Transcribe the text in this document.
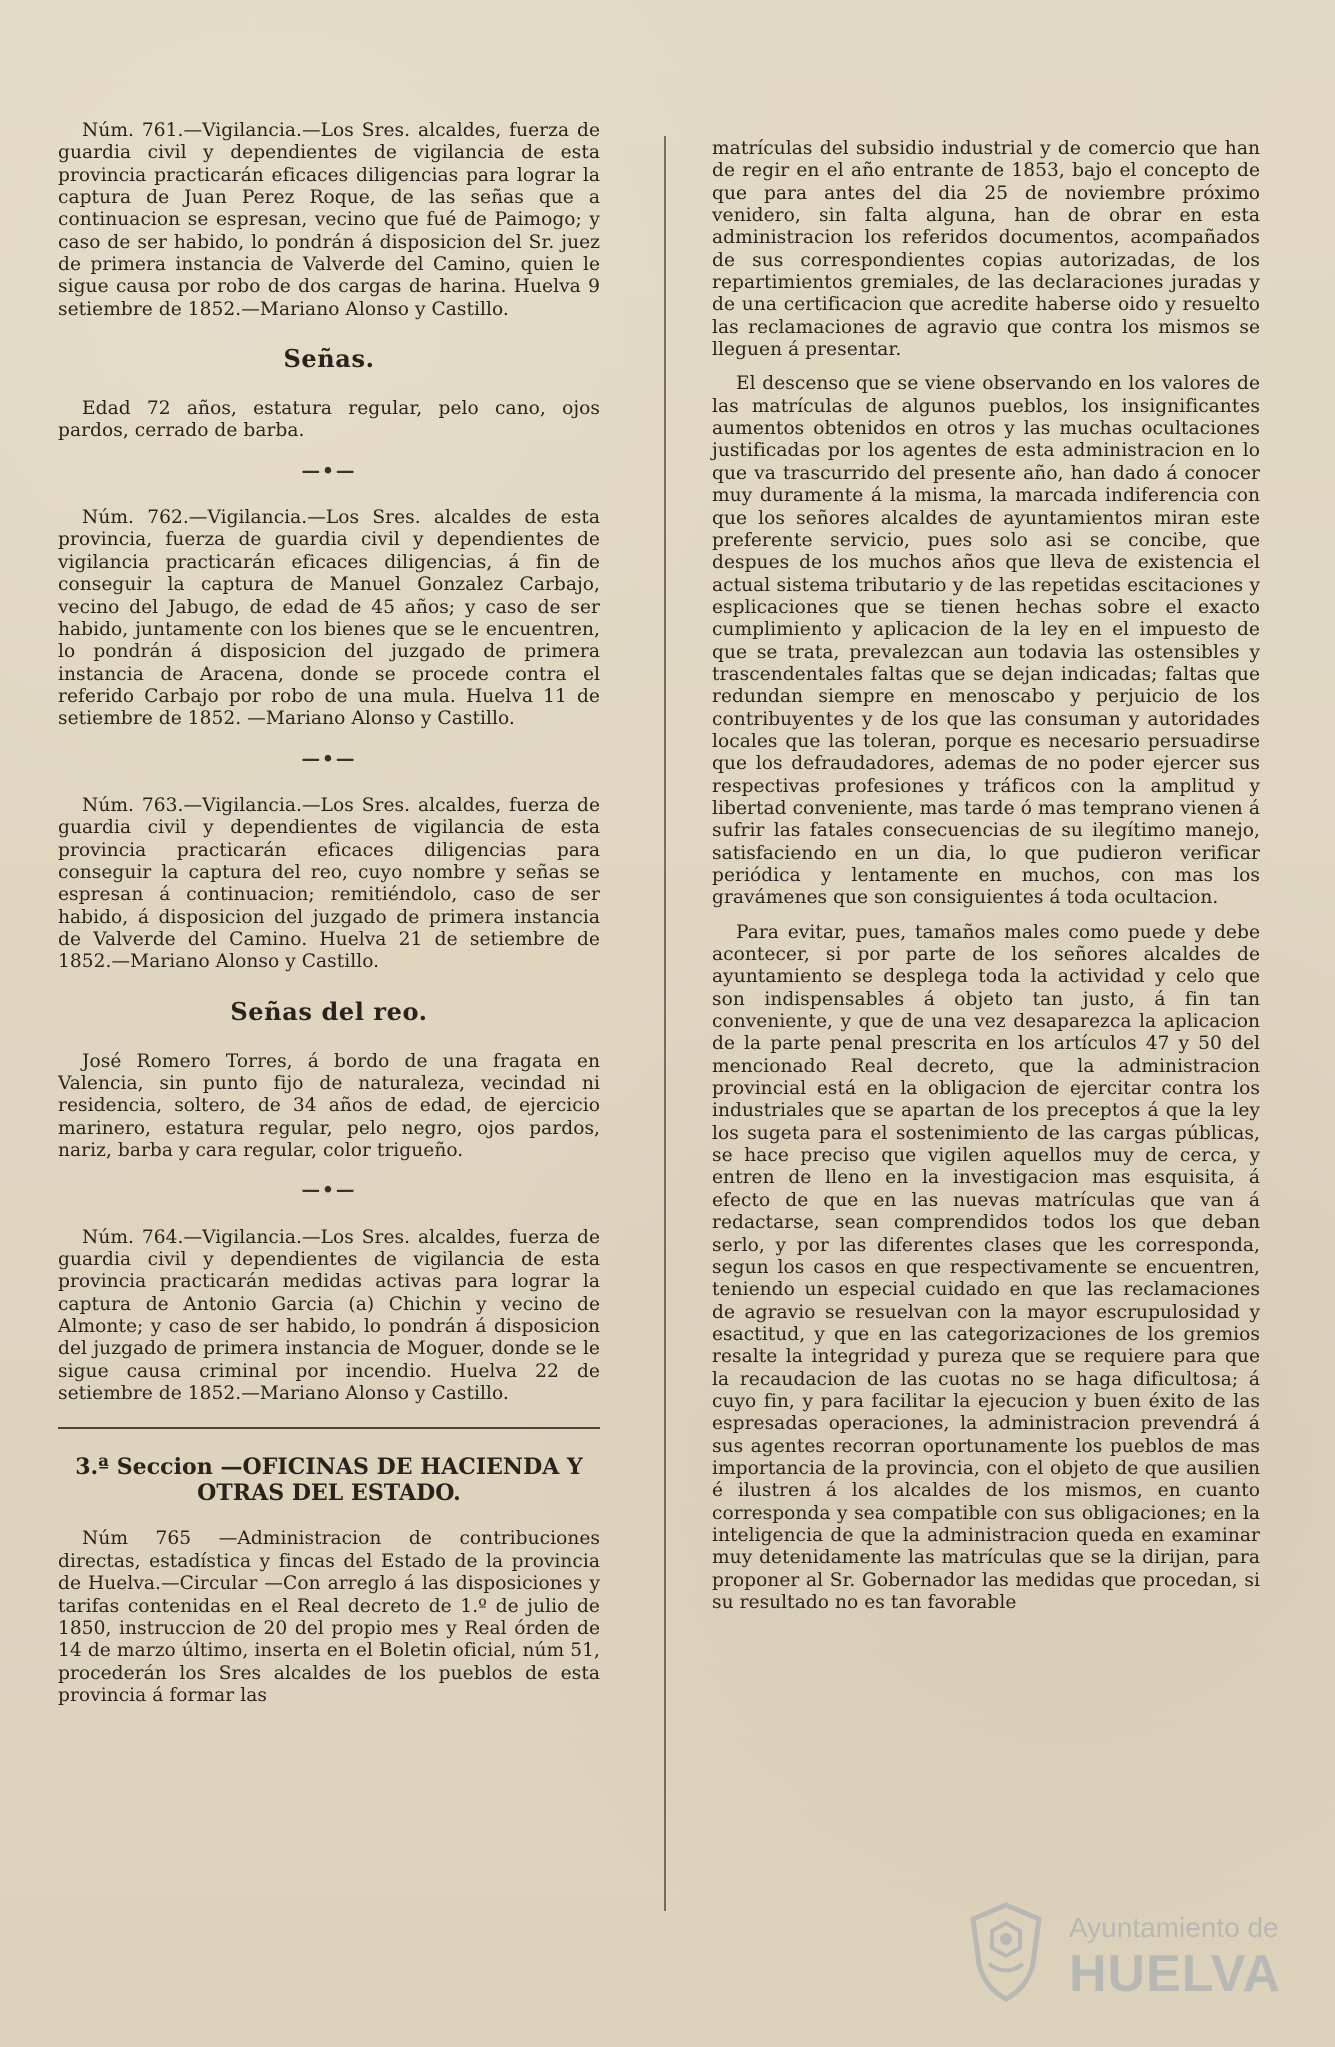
Núm. 761.—Vigilancia.—Los Sres. alcaldes, fuerza de guardia civil y dependientes de vigilancia de esta provincia practicarán eficaces diligencias para lograr la captura de Juan Perez Roque, de las señas que a continuacion se espresan, vecino que fué de Paimogo; y caso de ser habido, lo pondrán á disposicion del Sr. juez de primera instancia de Valverde del Camino, quien le sigue causa por robo de dos cargas de harina. Huelva 9 setiembre de 1852.—Mariano Alonso y Castillo.

Señas.

Edad 72 años, estatura regular, pelo cano, ojos pardos, cerrado de barba.

—•—

Núm. 762.—Vigilancia.—Los Sres. alcaldes de esta provincia, fuerza de guardia civil y dependientes de vigilancia practicarán eficaces diligencias, á fin de conseguir la captura de Manuel Gonzalez Carbajo, vecino del Jabugo, de edad de 45 años; y caso de ser habido, juntamente con los bienes que se le encuentren, lo pondrán á disposicion del juzgado de primera instancia de Aracena, donde se procede contra el referido Carbajo por robo de una mula. Huelva 11 de setiembre de 1852. —Mariano Alonso y Castillo.

—•—

Núm. 763.—Vigilancia.—Los Sres. alcaldes, fuerza de guardia civil y dependientes de vigilancia de esta provincia practicarán eficaces diligencias para conseguir la captura del reo, cuyo nombre y señas se espresan á continuacion; remitiéndolo, caso de ser habido, á disposicion del juzgado de primera instancia de Valverde del Camino. Huelva 21 de setiembre de 1852.—Mariano Alonso y Castillo.

Señas del reo.

José Romero Torres, á bordo de una fragata en Valencia, sin punto fijo de naturaleza, vecindad ni residencia, soltero, de 34 años de edad, de ejercicio marinero, estatura regular, pelo negro, ojos pardos, nariz, barba y cara regular, color trigueño.

—•—

Núm. 764.—Vigilancia.—Los Sres. alcaldes, fuerza de guardia civil y dependientes de vigilancia de esta provincia practicarán medidas activas para lograr la captura de Antonio Garcia (a) Chichin y vecino de Almonte; y caso de ser habido, lo pondrán á disposicion del juzgado de primera instancia de Moguer, donde se le sigue causa criminal por incendio. Huelva 22 de setiembre de 1852.—Mariano Alonso y Castillo.

3.ª Seccion —OFICINAS DE HACIENDA Y OTRAS DEL ESTADO.

Núm 765 —Administracion de contribuciones directas, estadística y fincas del Estado de la provincia de Huelva.—Circular —Con arreglo á las disposiciones y tarifas contenidas en el Real decreto de 1.º de julio de 1850, instruccion de 20 del propio mes y Real órden de 14 de marzo último, inserta en el Boletin oficial, núm 51, procederán los Sres alcaldes de los pueblos de esta provincia á formar las

matrículas del subsidio industrial y de comercio que han de regir en el año entrante de 1853, bajo el concepto de que para antes del dia 25 de noviembre próximo venidero, sin falta alguna, han de obrar en esta administracion los referidos documentos, acompañados de sus correspondientes copias autorizadas, de los repartimientos gremiales, de las declaraciones juradas y de una certificacion que acredite haberse oido y resuelto las reclamaciones de agravio que contra los mismos se lleguen á presentar.

El descenso que se viene observando en los valores de las matrículas de algunos pueblos, los insignificantes aumentos obtenidos en otros y las muchas ocultaciones justificadas por los agentes de esta administracion en lo que va trascurrido del presente año, han dado á conocer muy duramente á la misma, la marcada indiferencia con que los señores alcaldes de ayuntamientos miran este preferente servicio, pues solo asi se concibe, que despues de los muchos años que lleva de existencia el actual sistema tributario y de las repetidas escitaciones y esplicaciones que se tienen hechas sobre el exacto cumplimiento y aplicacion de la ley en el impuesto de que se trata, prevalezcan aun todavia las ostensibles y trascendentales faltas que se dejan indicadas; faltas que redundan siempre en menoscabo y perjuicio de los contribuyentes y de los que las consuman y autoridades locales que las toleran, porque es necesario persuadirse que los defraudadores, ademas de no poder ejercer sus respectivas profesiones y tráficos con la amplitud y libertad conveniente, mas tarde ó mas temprano vienen á sufrir las fatales consecuencias de su ilegítimo manejo, satisfaciendo en un dia, lo que pudieron verificar periódica y lentamente en muchos, con mas los gravámenes que son consiguientes á toda ocultacion.

Para evitar, pues, tamaños males como puede y debe acontecer, si por parte de los señores alcaldes de ayuntamiento se desplega toda la actividad y celo que son indispensables á objeto tan justo, á fin tan conveniente, y que de una vez desaparezca la aplicacion de la parte penal prescrita en los artículos 47 y 50 del mencionado Real decreto, que la administracion provincial está en la obligacion de ejercitar contra los industriales que se apartan de los preceptos á que la ley los sugeta para el sostenimiento de las cargas públicas, se hace preciso que vigilen aquellos muy de cerca, y entren de lleno en la investigacion mas esquisita, á efecto de que en las nuevas matrículas que van á redactarse, sean comprendidos todos los que deban serlo, y por las diferentes clases que les corresponda, segun los casos en que respectivamente se encuentren, teniendo un especial cuidado en que las reclamaciones de agravio se resuelvan con la mayor escrupulosidad y esactitud, y que en las categorizaciones de los gremios resalte la integridad y pureza que se requiere para que la recaudacion de las cuotas no se haga dificultosa; á cuyo fin, y para facilitar la ejecucion y buen éxito de las espresadas operaciones, la administracion prevendrá á sus agentes recorran oportunamente los pueblos de mas importancia de la provincia, con el objeto de que ausilien é ilustren á los alcaldes de los mismos, en cuanto corresponda y sea compatible con sus obligaciones; en la inteligencia de que la administracion queda en examinar muy detenidamente las matrículas que se la dirijan, para proponer al Sr. Gobernador las medidas que procedan, si su resultado no es tan favorable

Ayuntamiento de
HUELVA
